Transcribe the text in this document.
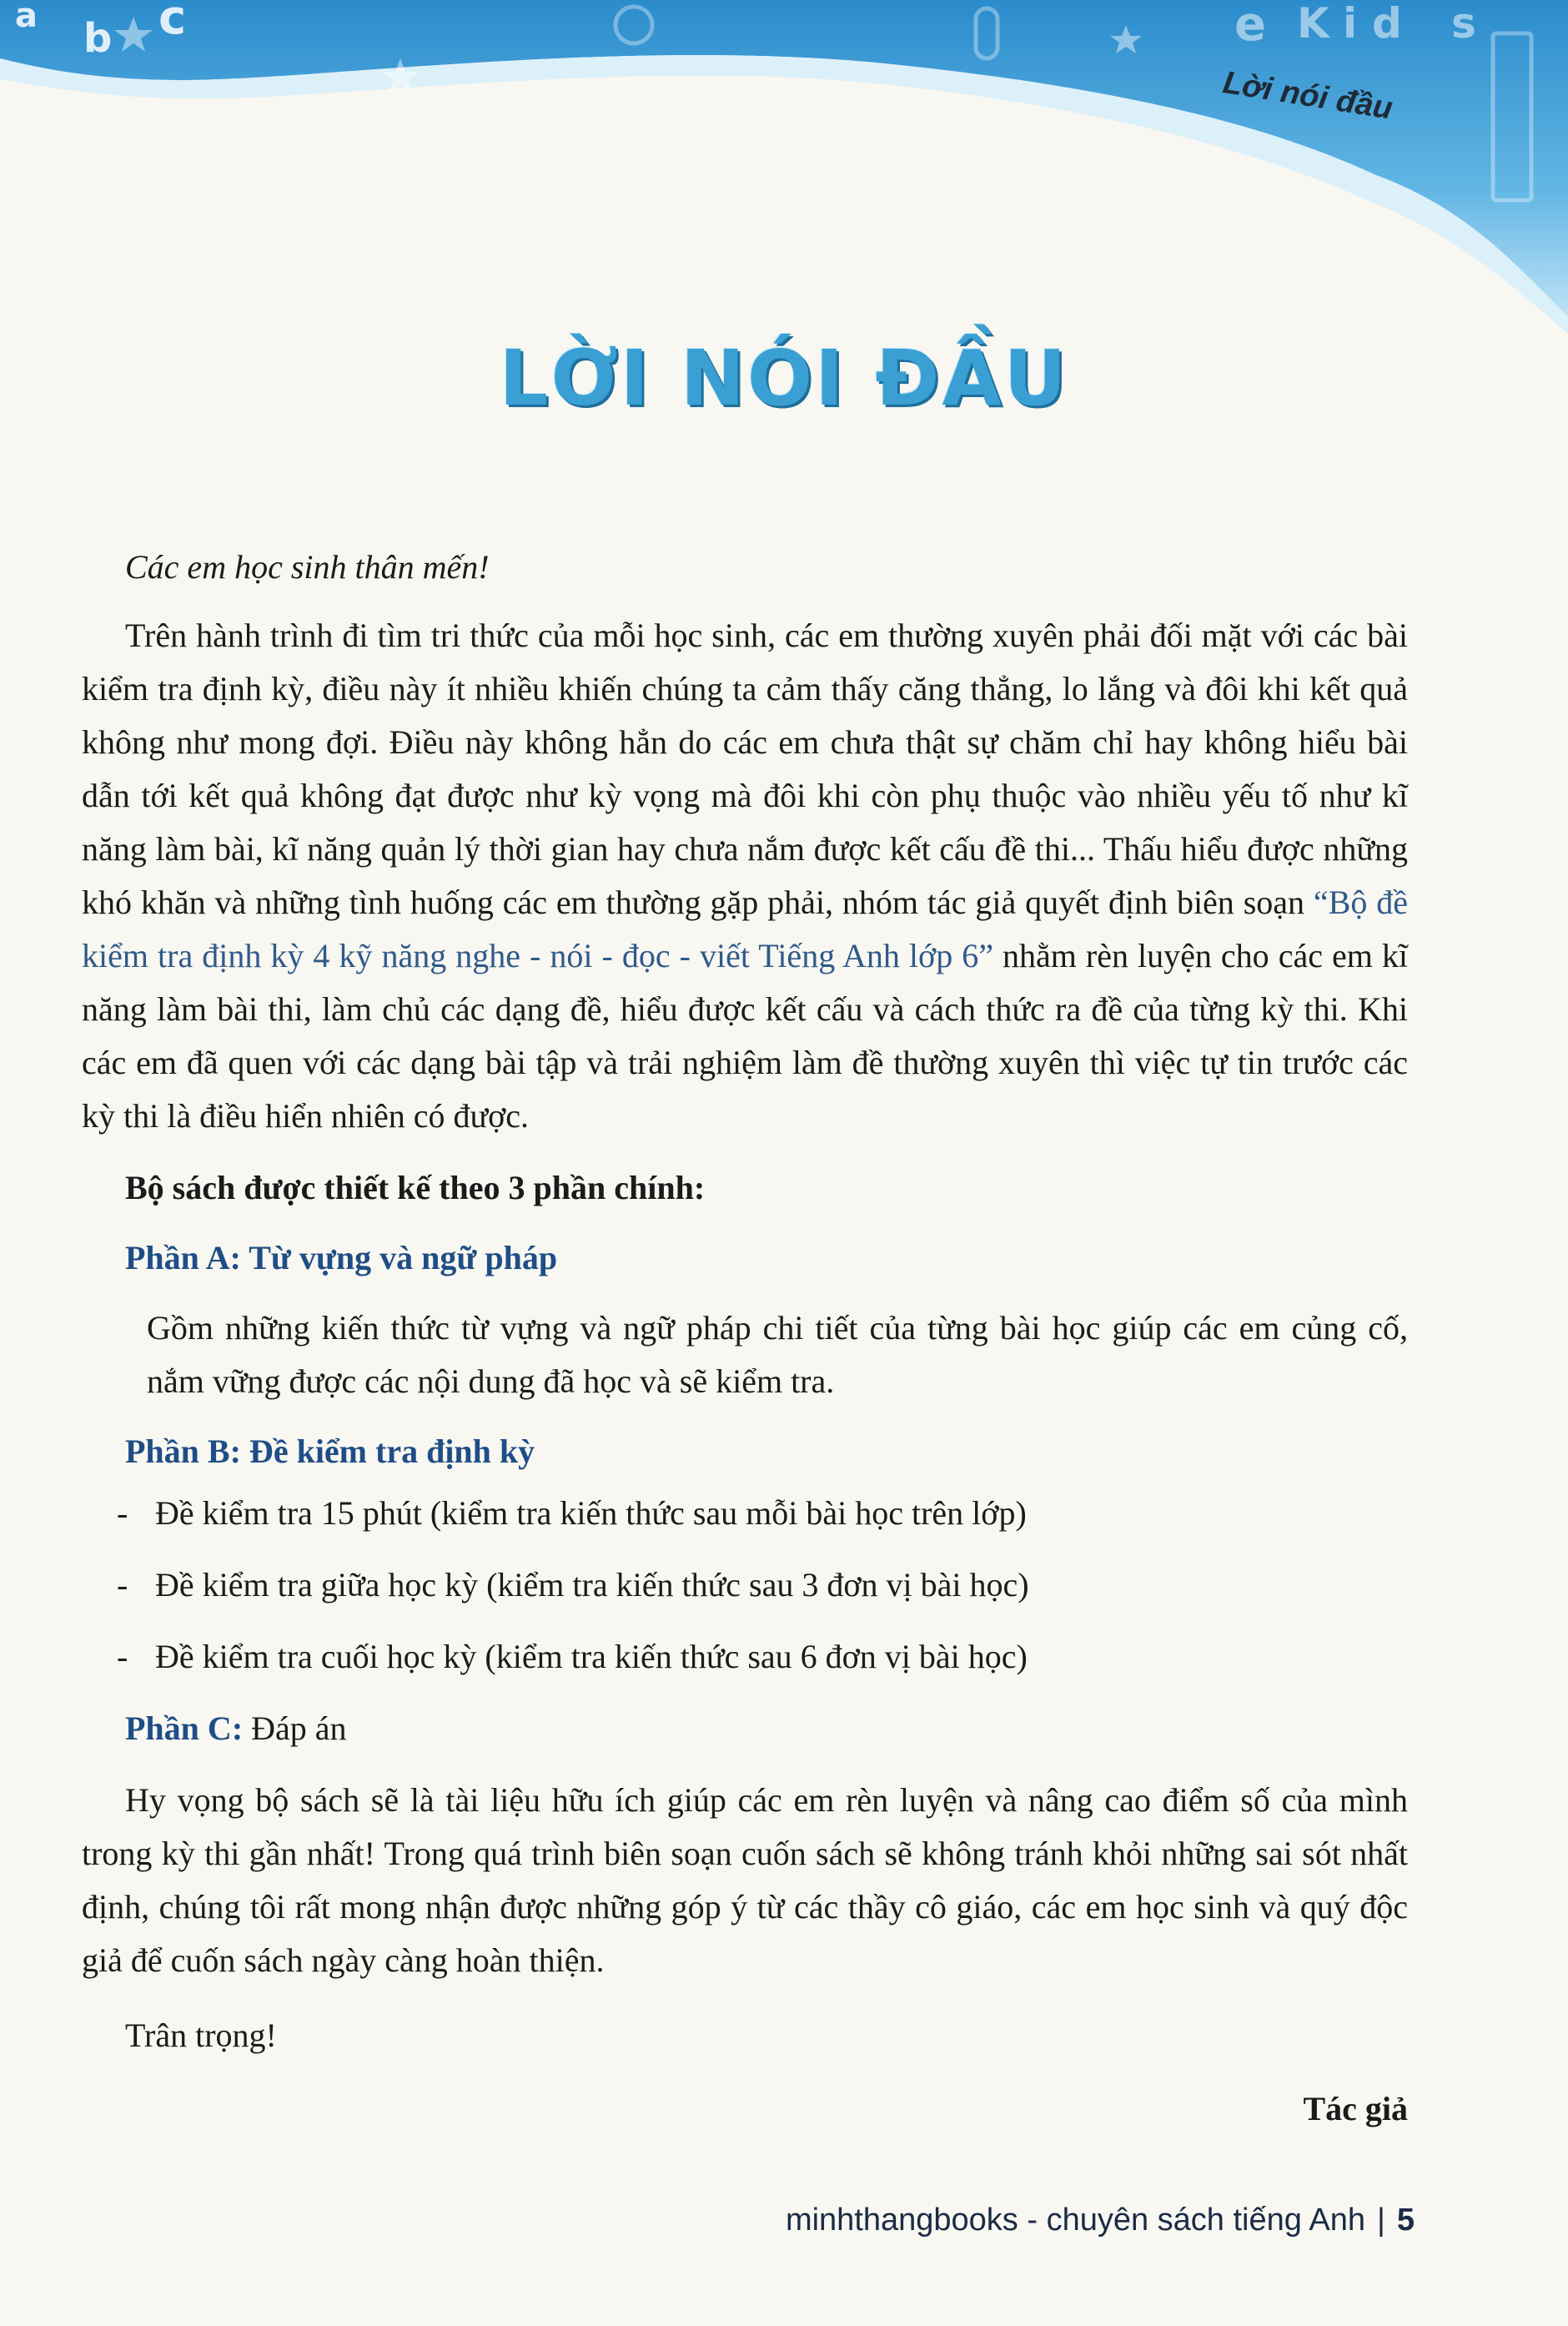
a b c	e K i d s
Lời nói đầu
LỜI NÓI ĐẦU

Các em học sinh thân mến!

Trên hành trình đi tìm tri thức của mỗi học sinh, các em thường xuyên phải đối mặt với các bài kiểm tra định kỳ, điều này ít nhiều khiến chúng ta cảm thấy căng thẳng, lo lắng và đôi khi kết quả không như mong đợi. Điều này không hẳn do các em chưa thật sự chăm chỉ hay không hiểu bài dẫn tới kết quả không đạt được như kỳ vọng mà đôi khi còn phụ thuộc vào nhiều yếu tố như kĩ năng làm bài, kĩ năng quản lý thời gian hay chưa nắm được kết cấu đề thi... Thấu hiểu được những khó khăn và những tình huống các em thường gặp phải, nhóm tác giả quyết định biên soạn “Bộ đề kiểm tra định kỳ 4 kỹ năng nghe - nói - đọc - viết Tiếng Anh lớp 6” nhằm rèn luyện cho các em kĩ năng làm bài thi, làm chủ các dạng đề, hiểu được kết cấu và cách thức ra đề của từng kỳ thi. Khi các em đã quen với các dạng bài tập và trải nghiệm làm đề thường xuyên thì việc tự tin trước các kỳ thi là điều hiển nhiên có được.

Bộ sách được thiết kế theo 3 phần chính:

Phần A: Từ vựng và ngữ pháp

Gồm những kiến thức từ vựng và ngữ pháp chi tiết của từng bài học giúp các em củng cố, nắm vững được các nội dung đã học và sẽ kiểm tra.

Phần B: Đề kiểm tra định kỳ

- Đề kiểm tra 15 phút (kiểm tra kiến thức sau mỗi bài học trên lớp)
- Đề kiểm tra giữa học kỳ (kiểm tra kiến thức sau 3 đơn vị bài học)
- Đề kiểm tra cuối học kỳ (kiểm tra kiến thức sau 6 đơn vị bài học)

Phần C: Đáp án

Hy vọng bộ sách sẽ là tài liệu hữu ích giúp các em rèn luyện và nâng cao điểm số của mình trong kỳ thi gần nhất! Trong quá trình biên soạn cuốn sách sẽ không tránh khỏi những sai sót nhất định, chúng tôi rất mong nhận được những góp ý từ các thầy cô giáo, các em học sinh và quý độc giả để cuốn sách ngày càng hoàn thiện.

Trân trọng!

Tác giả

minhthangbooks - chuyên sách tiếng Anh | 5
